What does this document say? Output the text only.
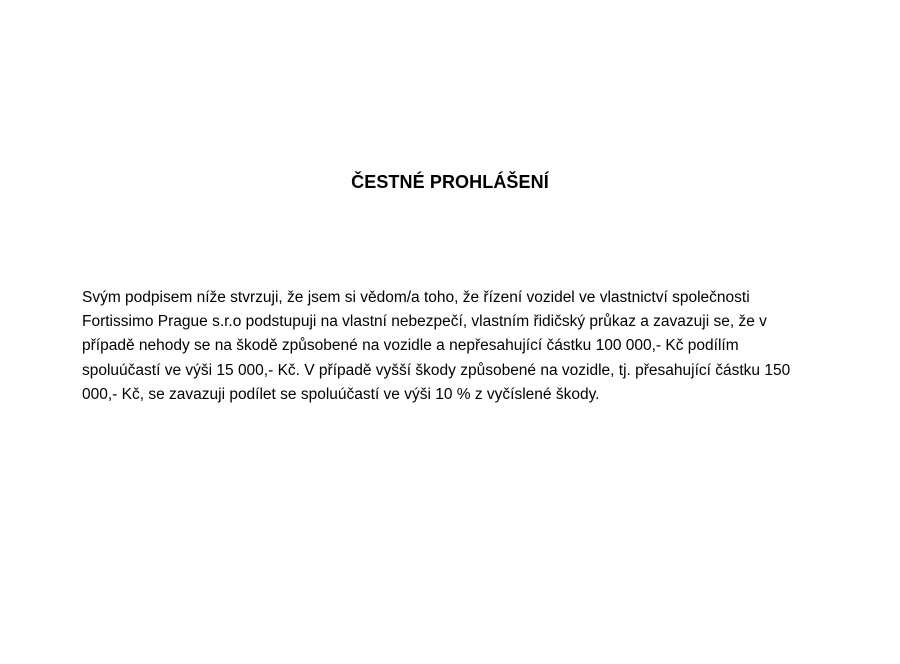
ČESTNÉ PROHLÁŠENÍ

Svým podpisem níže stvrzuji, že jsem si vědom/a toho, že řízení vozidel ve vlastnictví společnosti
Fortissimo Prague s.r.o podstupuji na vlastní nebezpečí, vlastním řidičský průkaz a zavazuji se, že v
případě nehody se na škodě způsobené na vozidle a nepřesahující částku 100 000,- Kč podílím
spoluúčastí ve výši 15 000,- Kč. V případě vyšší škody způsobené na vozidle, tj. přesahující částku 150
000,- Kč, se zavazuji podílet se spoluúčastí ve výši 10 % z vyčíslené škody.
